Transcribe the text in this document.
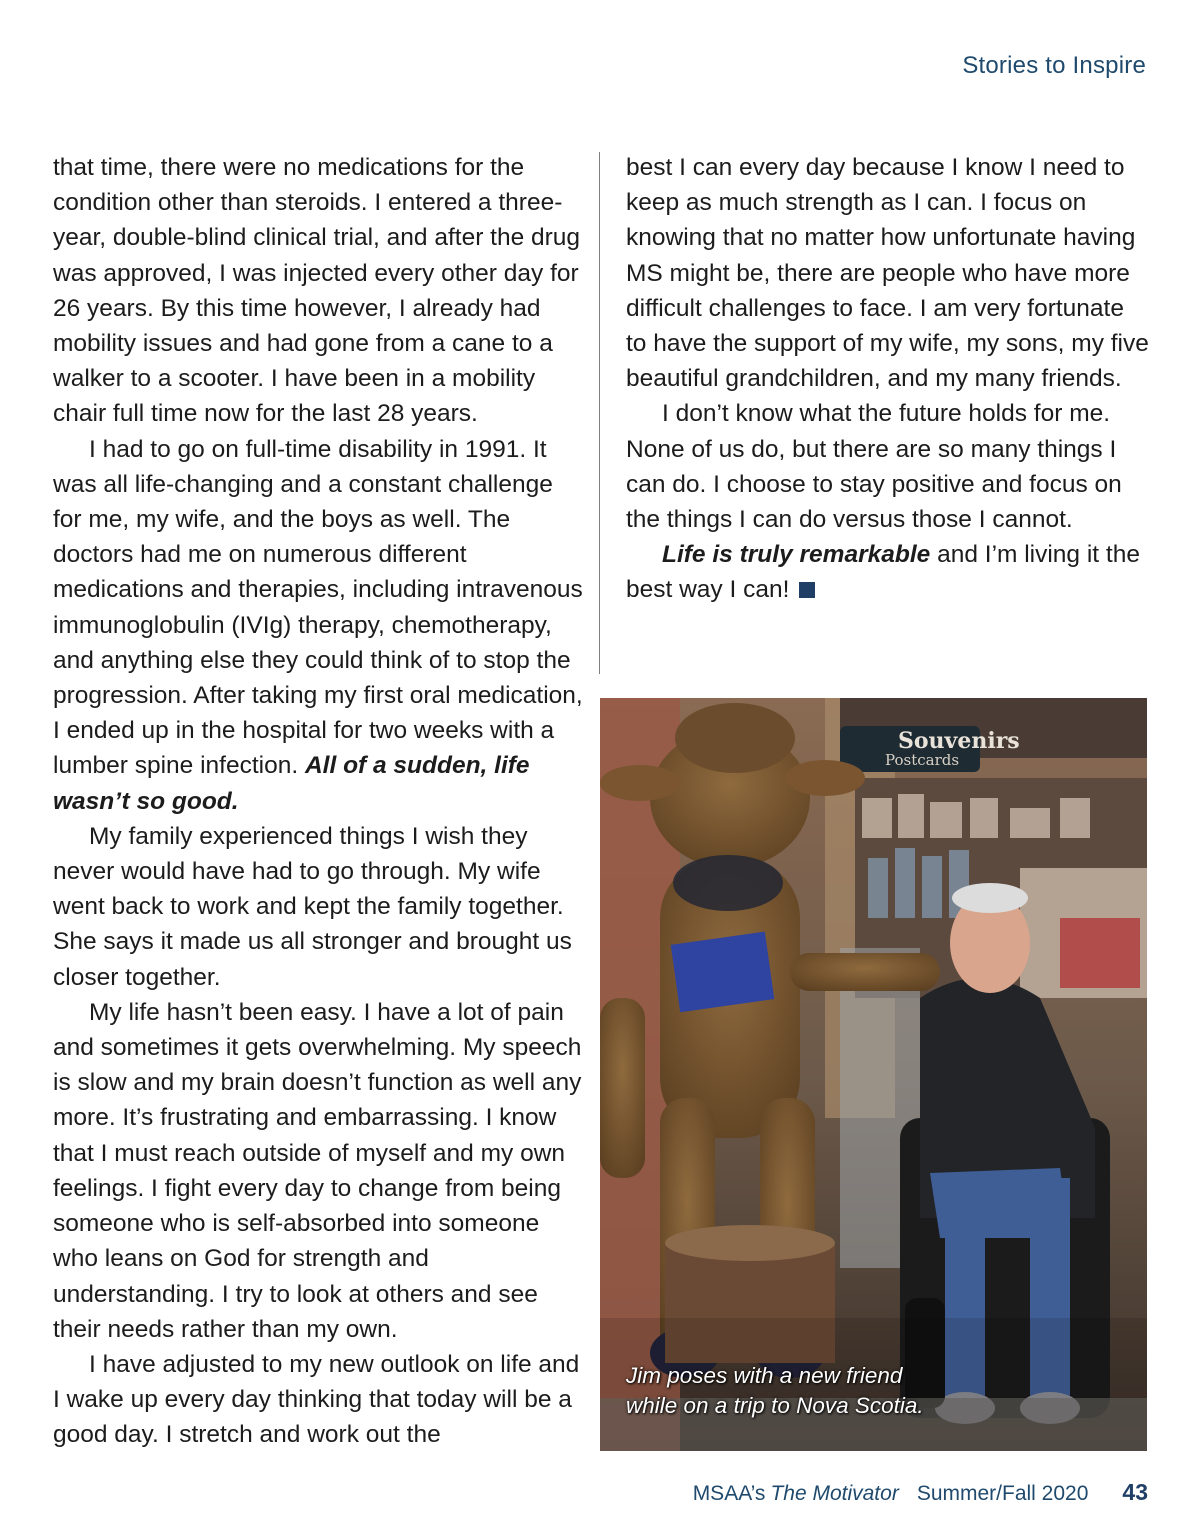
Stories to Inspire

that time, there were no medications for the condition other than steroids. I entered a three-year, double-blind clinical trial, and after the drug was approved, I was injected every other day for 26 years. By this time however, I already had mobility issues and had gone from a cane to a walker to a scooter. I have been in a mobility chair full time now for the last 28 years.

I had to go on full-time disability in 1991. It was all life-changing and a constant challenge for me, my wife, and the boys as well. The doctors had me on numerous different medications and therapies, including intravenous immunoglobulin (IVIg) therapy, chemotherapy, and anything else they could think of to stop the progression. After taking my first oral medication, I ended up in the hospital for two weeks with a lumber spine infection. All of a sudden, life wasn’t so good.

My family experienced things I wish they never would have had to go through. My wife went back to work and kept the family together. She says it made us all stronger and brought us closer together.

My life hasn’t been easy. I have a lot of pain and sometimes it gets overwhelming. My speech is slow and my brain doesn’t function as well any more. It’s frustrating and embarrassing. I know that I must reach outside of myself and my own feelings. I fight every day to change from being someone who is self-absorbed into someone who leans on God for strength and understanding. I try to look at others and see their needs rather than my own.

I have adjusted to my new outlook on life and I wake up every day thinking that today will be a good day. I stretch and work out the

best I can every day because I know I need to keep as much strength as I can. I focus on knowing that no matter how unfortunate having MS might be, there are people who have more difficult challenges to face. I am very fortunate to have the support of my wife, my sons, my five beautiful grandchildren, and my many friends.

I don’t know what the future holds for me. None of us do, but there are so many things I can do. I choose to stay positive and focus on the things I can do versus those I cannot.

Life is truly remarkable and I’m living it the best way I can!

Souvenirs
Postcards
Jim poses with a new friend
while on a trip to Nova Scotia.
MSAA’s The Motivator Summer/Fall 2020 43
